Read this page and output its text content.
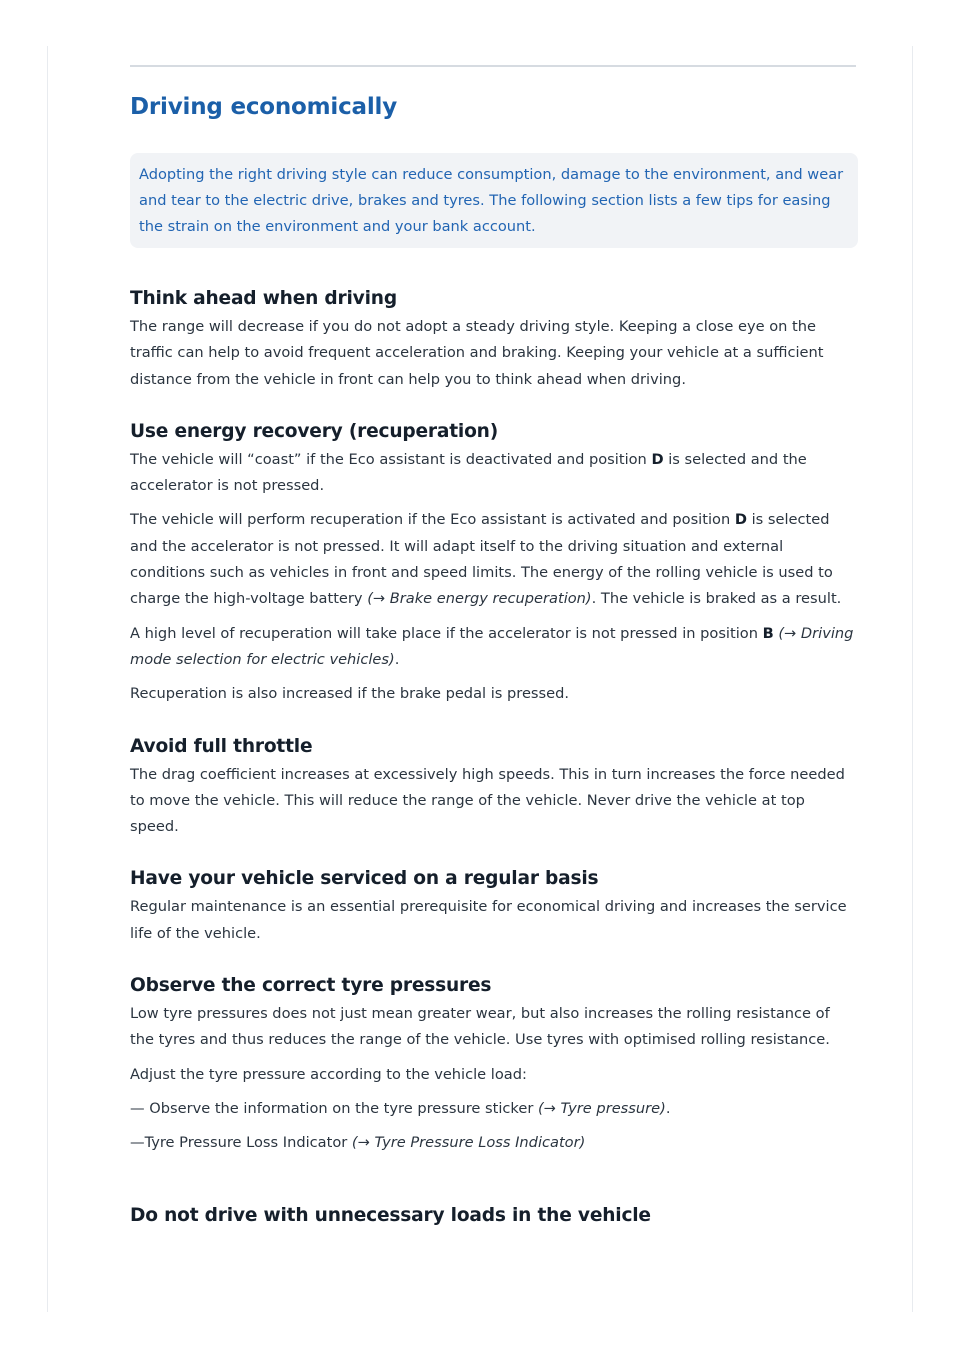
Driving economically

Adopting the right driving style can reduce consumption, damage to the environment, and wear and tear to the electric drive, brakes and tyres. The following section lists a few tips for easing the strain on the environment and your bank account.

Think ahead when driving

The range will decrease if you do not adopt a steady driving style. Keeping a close eye on the traffic can help to avoid frequent acceleration and braking. Keeping your vehicle at a sufficient distance from the vehicle in front can help you to think ahead when driving.

Use energy recovery (recuperation)

The vehicle will “coast” if the Eco assistant is deactivated and position D is selected and the accelerator is not pressed.

The vehicle will perform recuperation if the Eco assistant is activated and position D is selected and the accelerator is not pressed. It will adapt itself to the driving situation and external conditions such as vehicles in front and speed limits. The energy of the rolling vehicle is used to charge the high-voltage battery (→ Brake energy recuperation). The vehicle is braked as a result.

A high level of recuperation will take place if the accelerator is not pressed in position B (→ Driving mode selection for electric vehicles).

Recuperation is also increased if the brake pedal is pressed.

Avoid full throttle

The drag coefficient increases at excessively high speeds. This in turn increases the force needed to move the vehicle. This will reduce the range of the vehicle. Never drive the vehicle at top speed.

Have your vehicle serviced on a regular basis

Regular maintenance is an essential prerequisite for economical driving and increases the service life of the vehicle.

Observe the correct tyre pressures

Low tyre pressures does not just mean greater wear, but also increases the rolling resistance of the tyres and thus reduces the range of the vehicle. Use tyres with optimised rolling resistance.

Adjust the tyre pressure according to the vehicle load:

— Observe the information on the tyre pressure sticker (→ Tyre pressure).

—Tyre Pressure Loss Indicator (→ Tyre Pressure Loss Indicator)

Do not drive with unnecessary loads in the vehicle
